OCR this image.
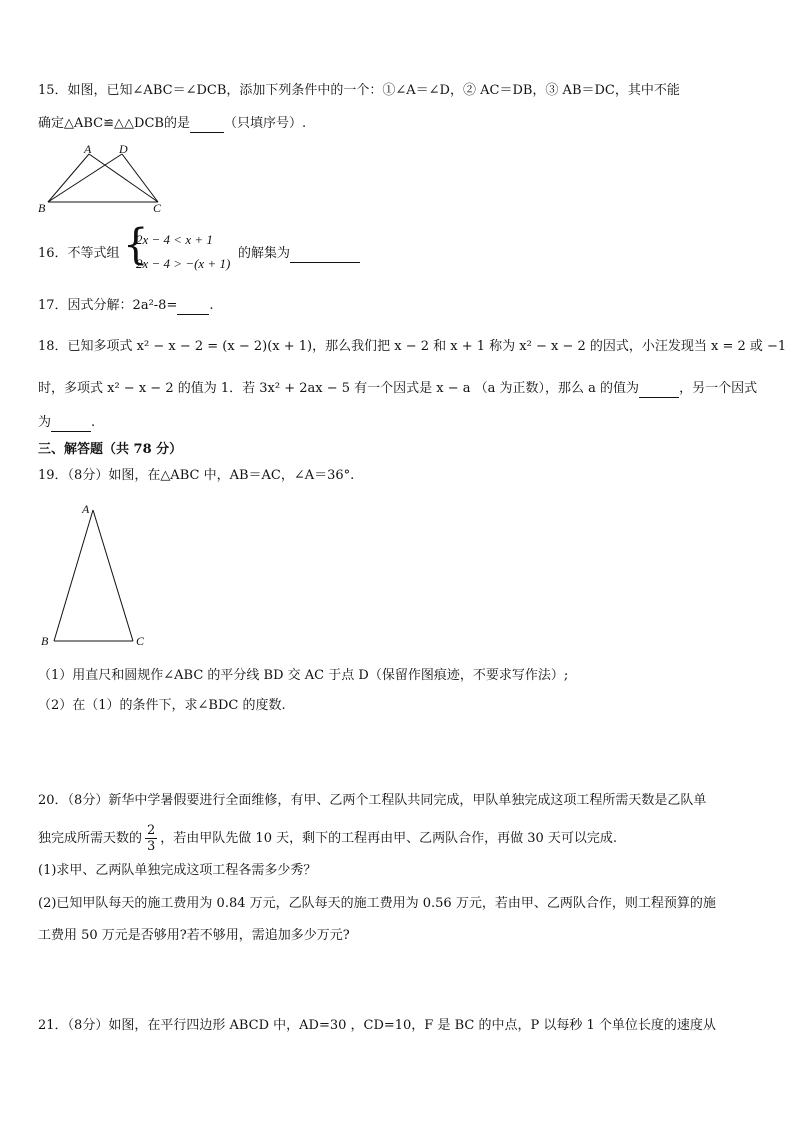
15．如图，已知∠ABC＝∠DCB，添加下列条件中的一个：①∠A＝∠D，② AC＝DB，③ AB＝DC，其中不能
确定△ABC≌△△DCB的是	（只填序号）.
A D
B	C
16．不等式组 {
2x − 4 < x + 1
2x − 4 > −(x + 1)
的解集为
17．因式分解：2a²-8= .
18．已知多项式 x² − x − 2 = (x − 2)(x + 1)，那么我们把 x − 2 和 x + 1 称为 x² − x − 2 的因式，小汪发现当 x = 2 或 −1
时，多项式 x² − x − 2 的值为 1．若 3x² + 2ax − 5 有一个因式是 x − a （a 为正数），那么 a 的值为	，另一个因式
为	.
三、解答题（共 78 分）
19．（8分）如图，在△ABC 中，AB＝AC，∠A＝36°.
A
B	C
（1）用直尺和圆规作∠ABC 的平分线 BD 交 AC 于点 D（保留作图痕迹，不要求写作法）;
（2）在（1）的条件下，求∠BDC 的度数.
20．（8分）新华中学暑假要进行全面维修，有甲、乙两个工程队共同完成，甲队单独完成这项工程所需天数是乙队单
独完成所需天数的 $\frac{2}{3}$ ，若由甲队先做 10 天，剩下的工程再由甲、乙两队合作，再做 30 天可以完成.
(1)求甲、乙两队单独完成这项工程各需多少秀？
(2)已知甲队每天的施工费用为 0.84 万元，乙队每天的施工费用为 0.56 万元，若由甲、乙两队合作，则工程预算的施
工费用 50 万元是否够用?若不够用，需追加多少万元?
21．（8分）如图，在平行四边形 ABCD 中，AD=30 ，CD=10，F 是 BC 的中点，P 以每秒 1 个单位长度的速度从
